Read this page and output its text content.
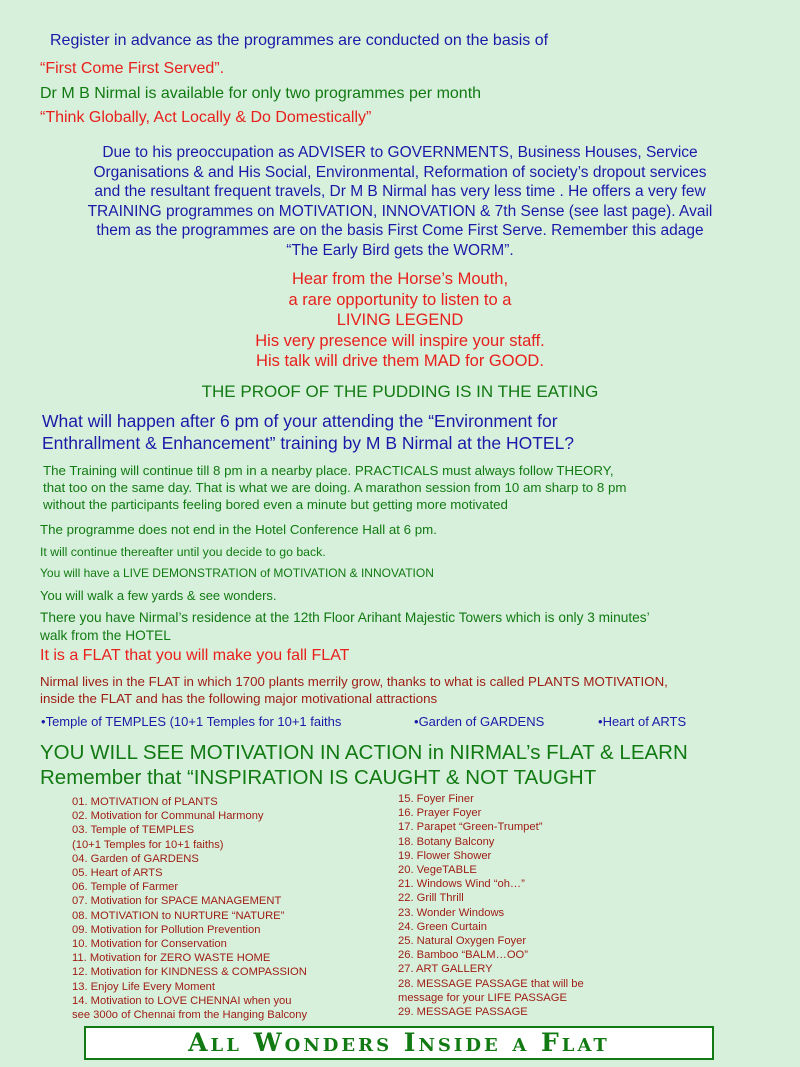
Register in advance as the programmes are conducted on the basis of
“First Come First Served”.
Dr M B Nirmal is available for only two programmes per month
“Think Globally, Act Locally & Do Domestically”
Due to his preoccupation as ADVISER to GOVERNMENTS, Business Houses, Service
Organisations & and His Social, Environmental, Reformation of society’s dropout services
and the resultant frequent travels, Dr M B Nirmal has very less time . He offers a very few
TRAINING programmes on MOTIVATION, INNOVATION & 7th Sense (see last page). Avail
them as the programmes are on the basis First Come First Serve. Remember this adage
“The Early Bird gets the WORM”.
Hear from the Horse’s Mouth,
a rare opportunity to listen to a
LIVING LEGEND
His very presence will inspire your staff.
His talk will drive them MAD for GOOD.
THE PROOF OF THE PUDDING IS IN THE EATING
What will happen after 6 pm of your attending the “Environment for
Enthrallment & Enhancement” training by M B Nirmal at the HOTEL?
The Training will continue till 8 pm in a nearby place. PRACTICALS must always follow THEORY,
that too on the same day. That is what we are doing. A marathon session from 10 am sharp to 8 pm
without the participants feeling bored even a minute but getting more motivated
The programme does not end in the Hotel Conference Hall at 6 pm.
It will continue thereafter until you decide to go back.
You will have a LIVE DEMONSTRATION of MOTIVATION & INNOVATION
You will walk a few yards & see wonders.
There you have Nirmal’s residence at the 12th Floor Arihant Majestic Towers which is only 3 minutes’
walk from the HOTEL
It is a FLAT that you will make you fall FLAT
Nirmal lives in the FLAT in which 1700 plants merrily grow, thanks to what is called PLANTS MOTIVATION,
inside the FLAT and has the following major motivational attractions
•Temple of TEMPLES (10+1 Temples for 10+1 faiths	•Garden of GARDENS	•Heart of ARTS
YOU WILL SEE MOTIVATION IN ACTION in NIRMAL’s FLAT & LEARN
Remember that “INSPIRATION IS CAUGHT & NOT TAUGHT
01. MOTIVATION of PLANTS
02. Motivation for Communal Harmony
03. Temple of TEMPLES
(10+1 Temples for 10+1 faiths)
04. Garden of GARDENS
05. Heart of ARTS
06. Temple of Farmer
07. Motivation for SPACE MANAGEMENT
08. MOTIVATION to NURTURE “NATURE”
09. Motivation for Pollution Prevention
10. Motivation for Conservation
11. Motivation for ZERO WASTE HOME
12. Motivation for KINDNESS & COMPASSION
13. Enjoy Life Every Moment
14. Motivation to LOVE CHENNAI when you
see 300o of Chennai from the Hanging Balcony
15. Foyer Finer
16. Prayer Foyer
17. Parapet “Green-Trumpet”
18. Botany Balcony
19. Flower Shower
20. VegeTABLE
21. Windows Wind “oh…”
22. Grill Thrill
23. Wonder Windows
24. Green Curtain
25. Natural Oxygen Foyer
26. Bamboo “BALM…OO”
27. ART GALLERY
28. MESSAGE PASSAGE that will be
message for your LIFE PASSAGE
29. MESSAGE PASSAGE
All Wonders Inside a Flat
